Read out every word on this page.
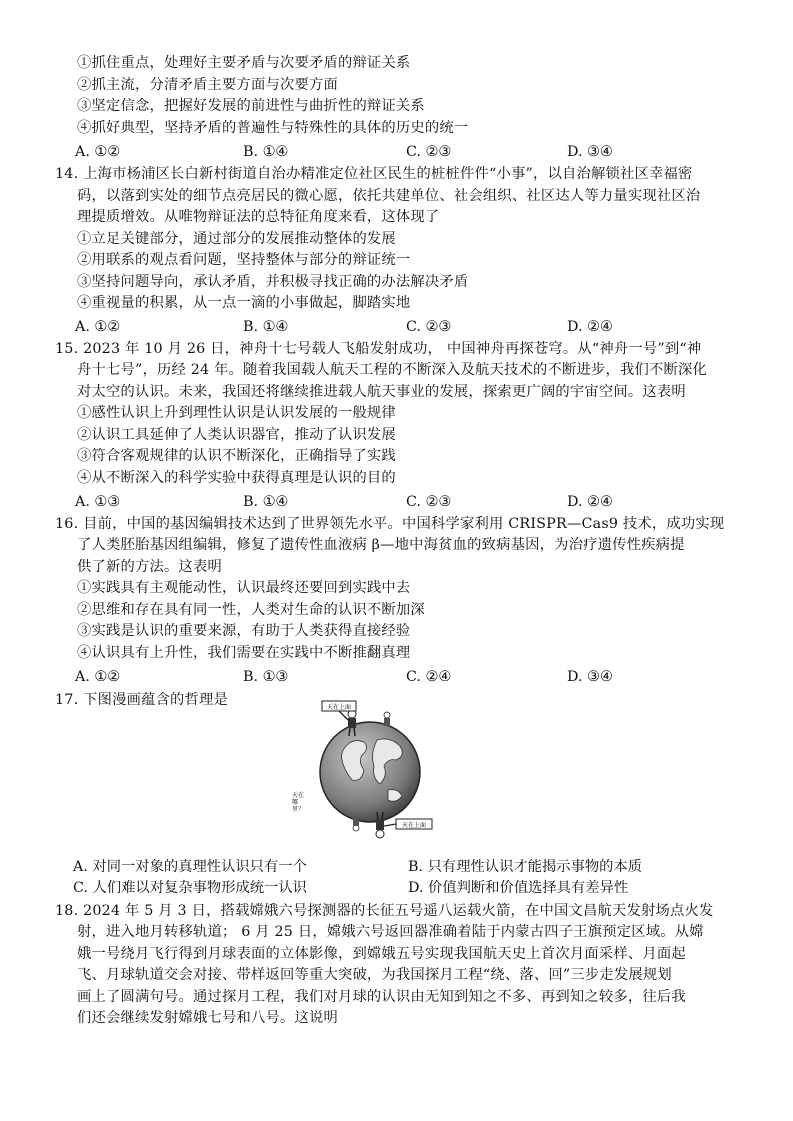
①抓住重点，处理好主要矛盾与次要矛盾的辩证关系
②抓主流，分清矛盾主要方面与次要方面
③坚定信念，把握好发展的前进性与曲折性的辩证关系
④抓好典型，坚持矛盾的普遍性与特殊性的具体的历史的统一
A. ①②	B. ①④	C. ②③	D. ③④
14. 上海市杨浦区长白新村街道自治办精准定位社区民生的桩桩件件“小事”，以自治解锁社区幸福密
码，以落到实处的细节点亮居民的微心愿，依托共建单位、社会组织、社区达人等力量实现社区治
理提质增效。从唯物辩证法的总特征角度来看，这体现了
①立足关键部分，通过部分的发展推动整体的发展
②用联系的观点看问题，坚持整体与部分的辩证统一
③坚持问题导向，承认矛盾，并积极寻找正确的办法解决矛盾
④重视量的积累，从一点一滴的小事做起，脚踏实地
A. ①②	B. ①④	C. ②③	D. ②④
15. 2023 年 10 月 26 日，神舟十七号载人飞船发射成功， 中国神舟再探苍穹。从“神舟一号”到“神
舟十七号”，历经 24 年。随着我国载人航天工程的不断深入及航天技术的不断进步，我们不断深化
对太空的认识。未来，我国还将继续推进载人航天事业的发展，探索更广阔的宇宙空间。这表明
①感性认识上升到理性认识是认识发展的一般规律
②认识工具延伸了人类认识器官，推动了认识发展
③符合客观规律的认识不断深化，正确指导了实践
④从不断深入的科学实验中获得真理是认识的目的
A. ①③	B. ①④	C. ②③	D. ②④
16. 目前，中国的基因编辑技术达到了世界领先水平。中国科学家利用 CRISPR—Cas9 技术，成功实现
了人类胚胎基因组编辑，修复了遗传性血液病 β—地中海贫血的致病基因，为治疗遗传性疾病提
供了新的方法。这表明
①实践具有主观能动性，认识最终还要回到实践中去
②思维和存在具有同一性，人类对生命的认识不断加深
③实践是认识的重要来源，有助于人类获得直接经验
④认识具有上升性，我们需要在实践中不断推翻真理
A. ①②	B. ①③	C. ②④	D. ③④
17. 下图漫画蕴含的哲理是	天在上面
天在上面
天在哪里？
A. 对同一对象的真理性认识只有一个	B. 只有理性认识才能揭示事物的本质
C. 人们难以对复杂事物形成统一认识	D. 价值判断和价值选择具有差异性
18. 2024 年 5 月 3 日，搭载嫦娥六号探测器的长征五号遥八运载火箭，在中国文昌航天发射场点火发
射，进入地月转移轨道； 6 月 25 日，嫦娥六号返回器准确着陆于内蒙古四子王旗预定区域。从嫦
娥一号绕月飞行得到月球表面的立体影像，到嫦娥五号实现我国航天史上首次月面采样、月面起
飞、月球轨道交会对接、带样返回等重大突破，为我国探月工程“绕、落、回”三步走发展规划
画上了圆满句号。通过探月工程，我们对月球的认识由无知到知之不多、再到知之较多，往后我
们还会继续发射嫦娥七号和八号。这说明
